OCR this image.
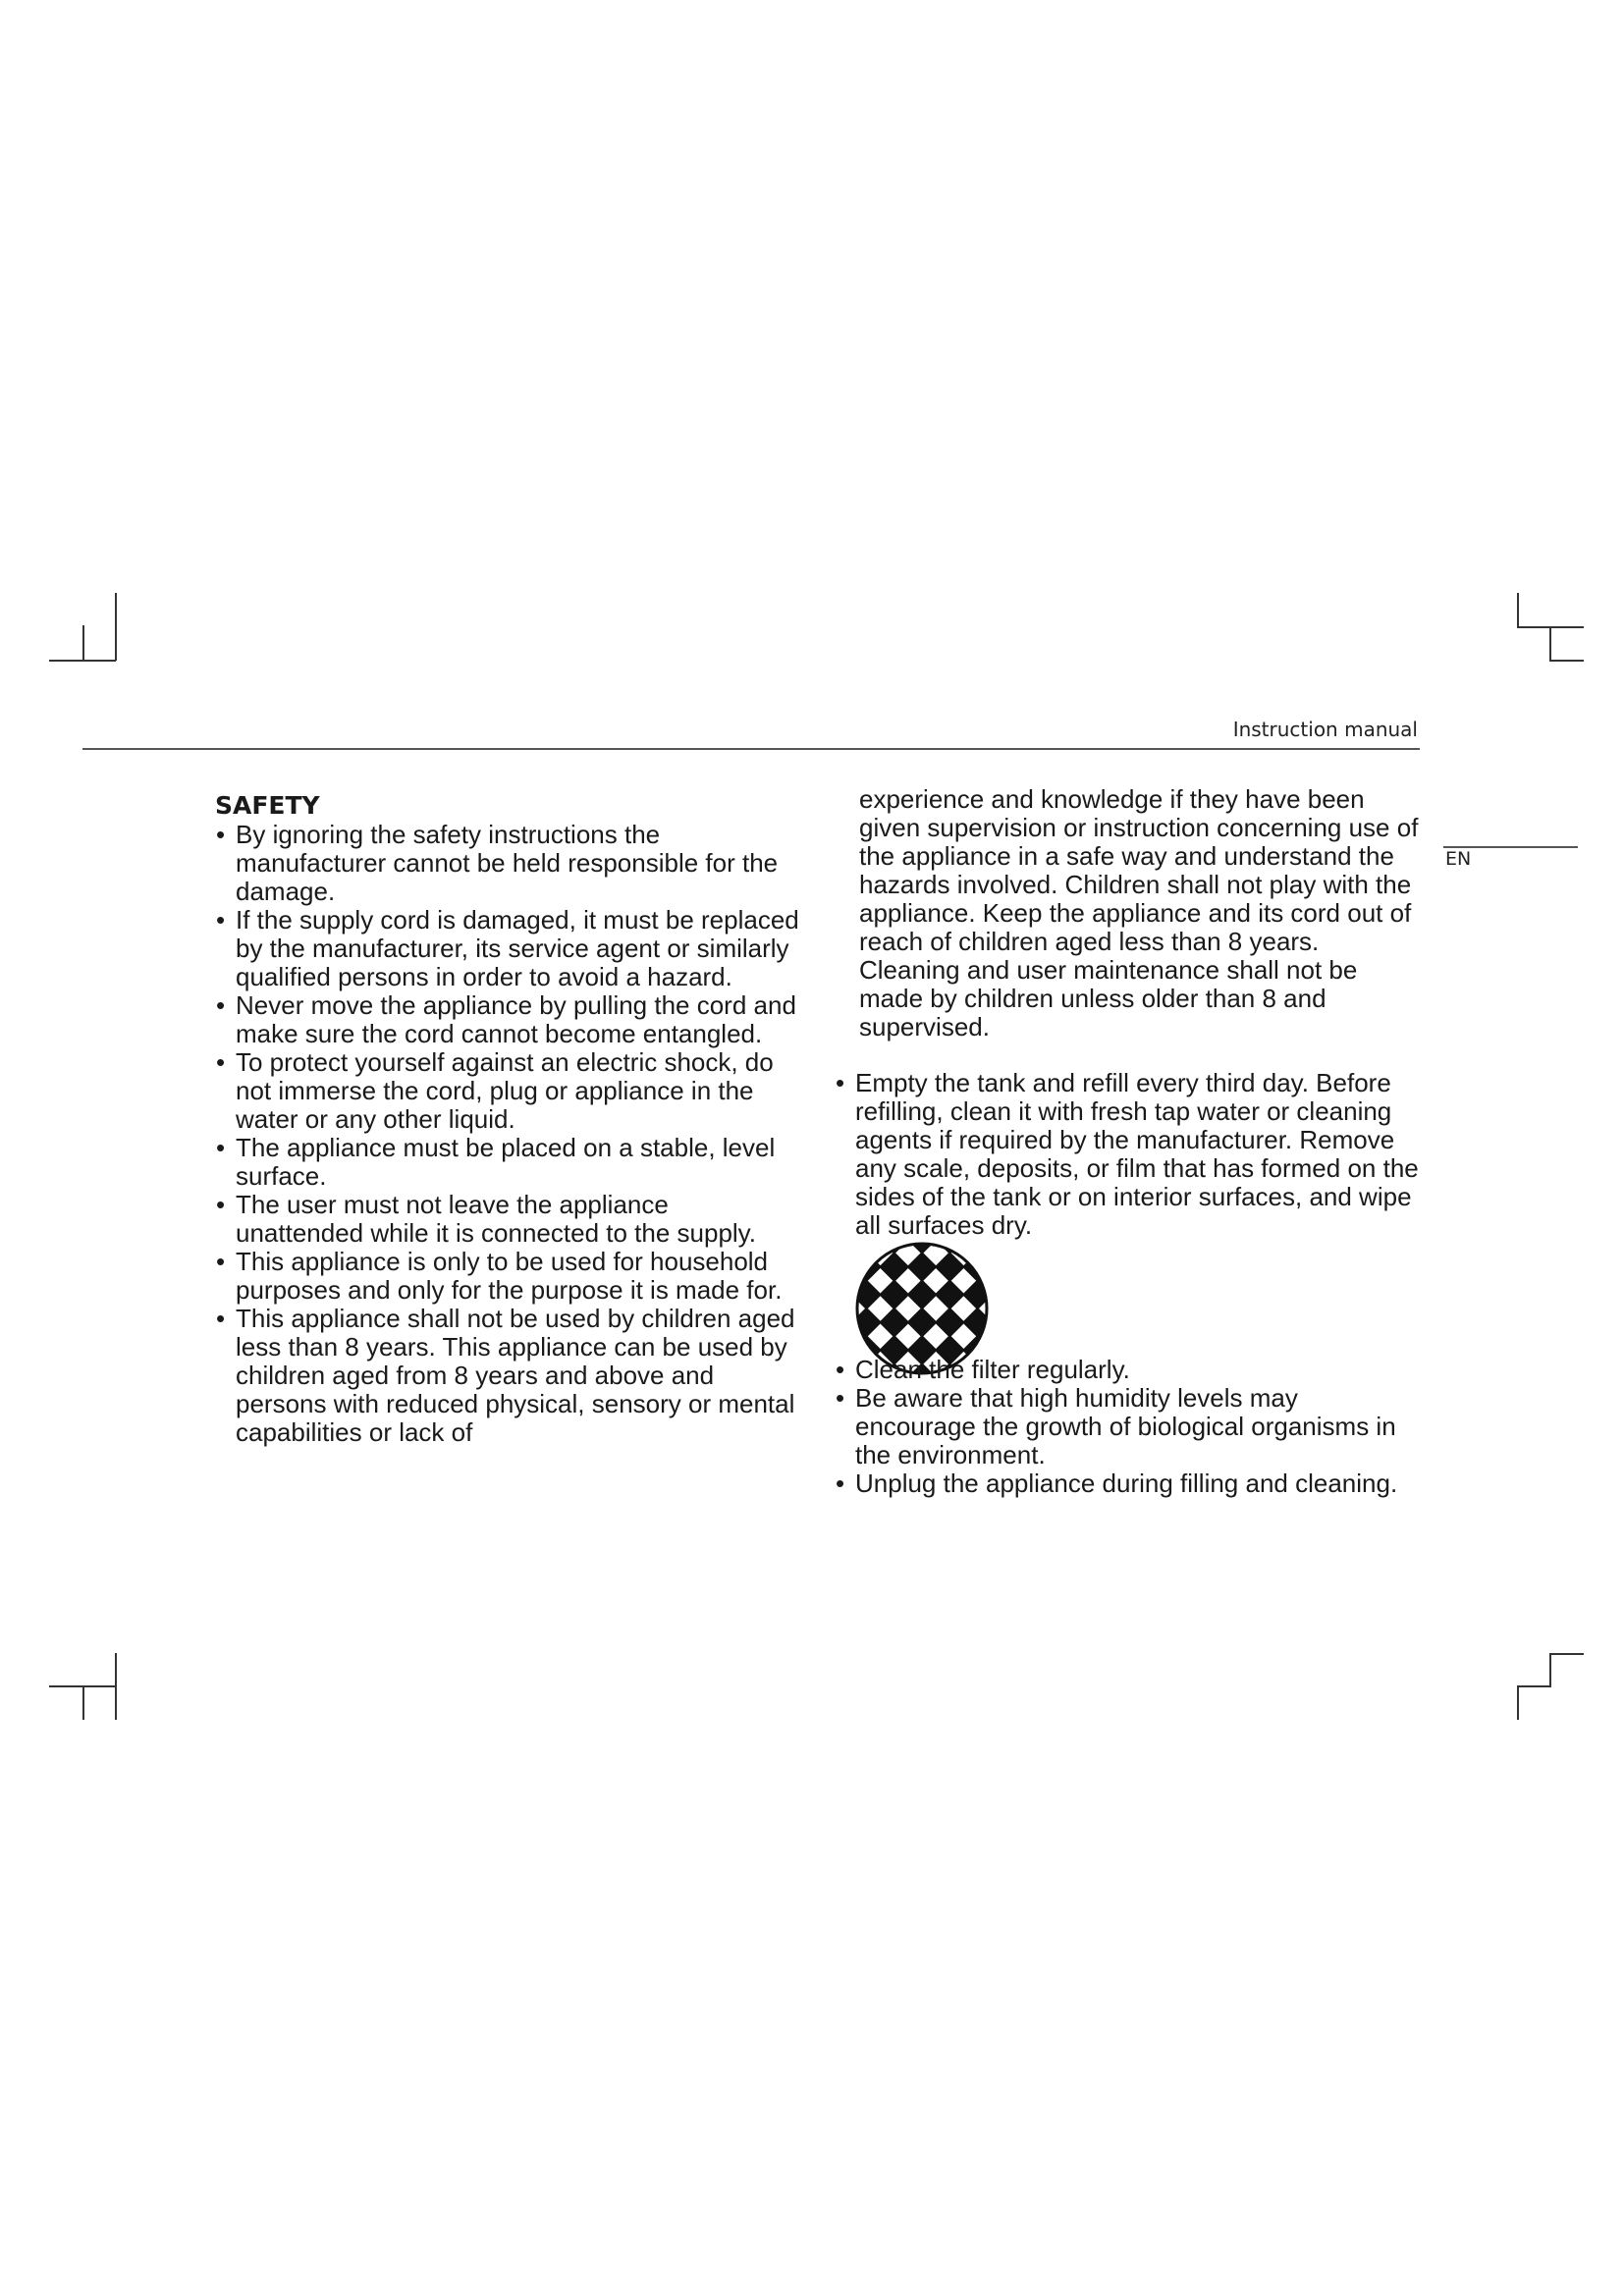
Instruction manual
EN
SAFETY
• By ignoring the safety instructions the manufacturer cannot be held responsible for the damage.
• If the supply cord is damaged, it must be replaced by the manufacturer, its service agent or similarly qualified persons in order to avoid a hazard.
• Never move the appliance by pulling the cord and make sure the cord cannot become entangled.
• To protect yourself against an electric shock, do not immerse the cord, plug or appliance in the water or any other liquid.
• The appliance must be placed on a stable, level surface.
• The user must not leave the appliance unattended while it is connected to the supply.
• This appliance is only to be used for household purposes and only for the purpose it is made for.
• This appliance shall not be used by children aged less than 8 years. This appliance can be used by children aged from 8 years and above and persons with reduced physical, sensory or mental capabilities or lack of

experience and knowledge if they have been given supervision or instruction concerning use of the appliance in a safe way and understand the hazards involved. Children shall not play with the appliance. Keep the appliance and its cord out of reach of children aged less than 8 years. Cleaning and user maintenance shall not be made by children unless older than 8 and supervised.

• Empty the tank and refill every third day. Before refilling, clean it with fresh tap water or cleaning agents if required by the manufacturer. Remove any scale, deposits, or film that has formed on the sides of the tank or on interior surfaces, and wipe all surfaces dry.
• Clean the filter regularly.
• Be aware that high humidity levels may encourage the growth of biological organisms in the environment.
• Unplug the appliance during filling and cleaning.
